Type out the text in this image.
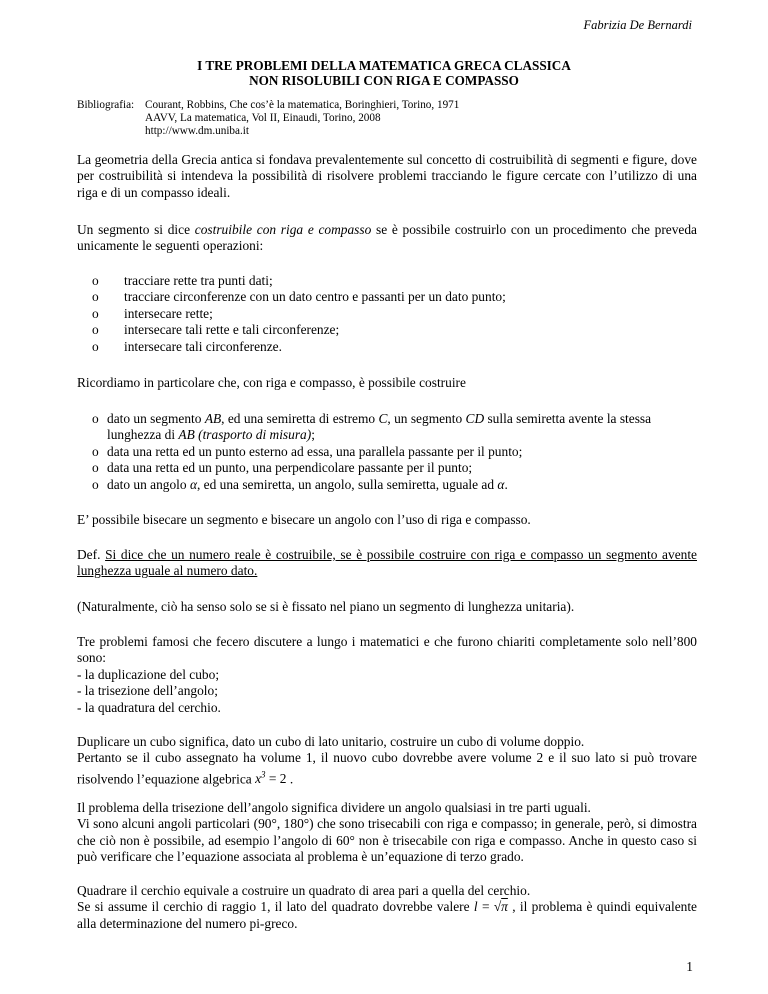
Fabrizia De Bernardi
I TRE PROBLEMI DELLA MATEMATICA GRECA CLASSICA
NON RISOLUBILI CON RIGA E COMPASSO
Bibliografia: Courant, Robbins, Che cos’è la matematica, Boringhieri, Torino, 1971
AAVV, La matematica, Vol II, Einaudi, Torino, 2008
http://www.dm.uniba.it
La geometria della Grecia antica si fondava prevalentemente sul concetto di costruibilità di segmenti e figure, dove per costruibilità si intendeva la possibilità di risolvere problemi tracciando le figure cercate con l’utilizzo di una riga e di un compasso ideali.
Un segmento si dice costruibile con riga e compasso se è possibile costruirlo con un procedimento che preveda unicamente le seguenti operazioni:
o tracciare rette tra punti dati;
o tracciare circonferenze con un dato centro e passanti per un dato punto;
o intersecare rette;
o intersecare tali rette e tali circonferenze;
o intersecare tali circonferenze.
Ricordiamo in particolare che, con riga e compasso, è possibile costruire
o dato un segmento AB, ed una semiretta di estremo C, un segmento CD sulla semiretta avente la stessa lunghezza di AB (trasporto di misura);
o data una retta ed un punto esterno ad essa, una parallela passante per il punto;
o data una retta ed un punto, una perpendicolare passante per il punto;
o dato un angolo α, ed una semiretta, un angolo, sulla semiretta, uguale ad α.
E’ possibile bisecare un segmento e bisecare un angolo con l’uso di riga e compasso.
Def. Si dice che un numero reale è costruibile, se è possibile costruire con riga e compasso un segmento avente lunghezza uguale al numero dato.
(Naturalmente, ciò ha senso solo se si è fissato nel piano un segmento di lunghezza unitaria).
Tre problemi famosi che fecero discutere a lungo i matematici e che furono chiariti completamente solo nell’800 sono:
- la duplicazione del cubo;
- la trisezione dell’angolo;
- la quadratura del cerchio.
Duplicare un cubo significa, dato un cubo di lato unitario, costruire un cubo di volume doppio.
Pertanto se il cubo assegnato ha volume 1, il nuovo cubo dovrebbe avere volume 2 e il suo lato si può trovare risolvendo l’equazione algebrica $x^3 = 2$ .
Il problema della trisezione dell’angolo significa dividere un angolo qualsiasi in tre parti uguali.
Vi sono alcuni angoli particolari (90°, 180°) che sono trisecabili con riga e compasso; in generale, però, si dimostra che ciò non è possibile, ad esempio l’angolo di 60° non è trisecabile con riga e compasso. Anche in questo caso si può verificare che l’equazione associata al problema è un’equazione di terzo grado.
Quadrare il cerchio equivale a costruire un quadrato di area pari a quella del cerchio.
Se si assume il cerchio di raggio 1, il lato del quadrato dovrebbe valere l = √π , il problema è quindi equivalente alla determinazione del numero pi-greco.
1
